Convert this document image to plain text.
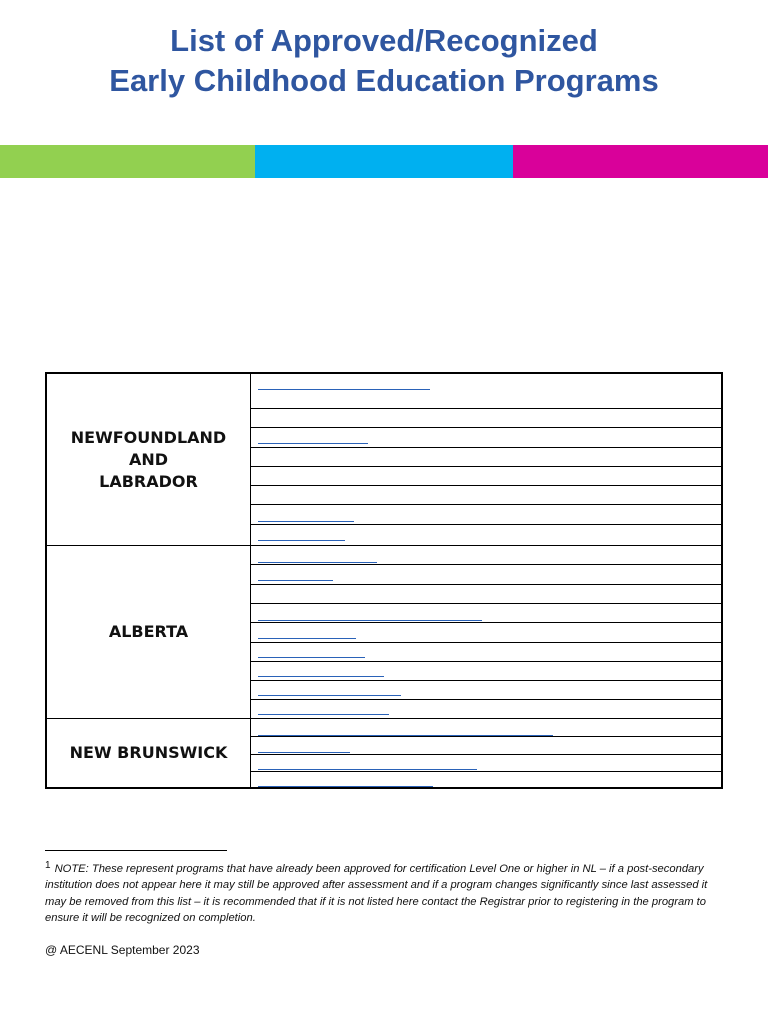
List of Approved/Recognized
Early Childhood Education Programs
NEWFOUNDLAND
AND
LABRADOR
ALBERTA
NEW BRUNSWICK
$^1$ NOTE: These represent programs that have already been approved for certification Level One or higher in NL – if a post-secondary institution does not appear here it may still be approved after assessment and if a program changes significantly since last assessed it may be removed from this list – it is recommended that if it is not listed here contact the Registrar prior to registering in the program to ensure it will be recognized on completion.
@ AECENL September 2023
